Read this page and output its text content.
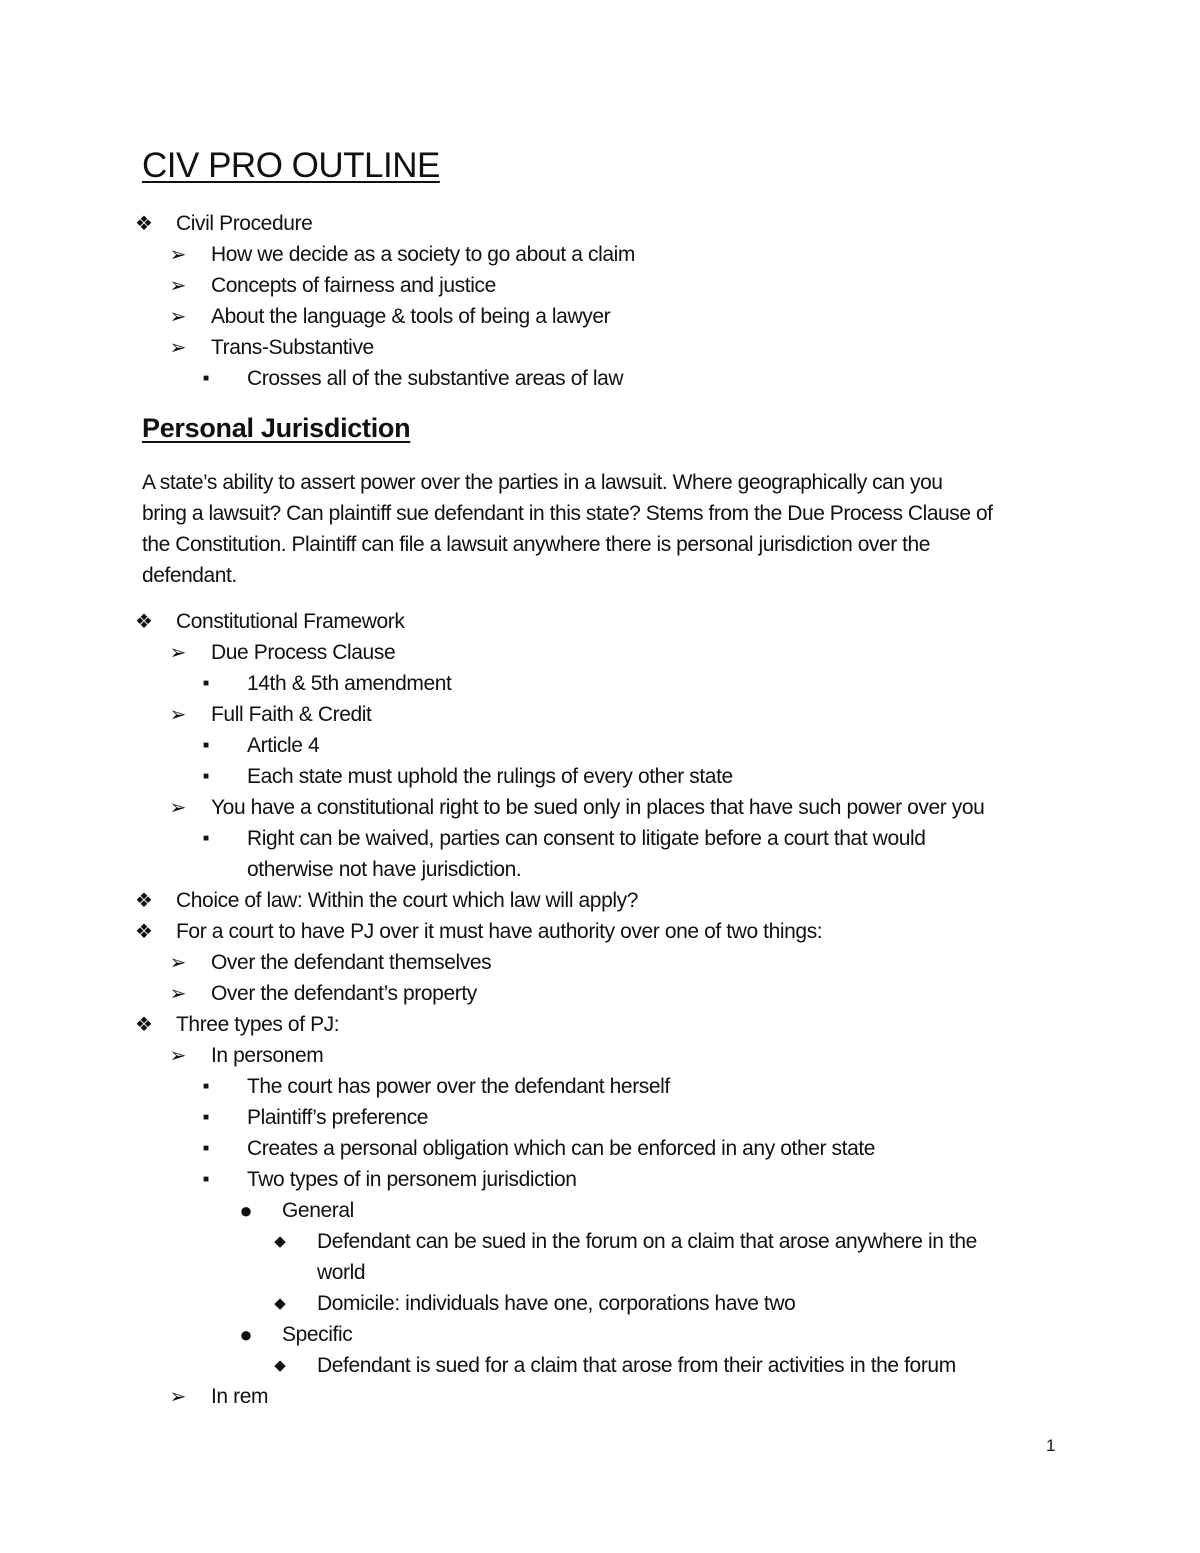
CIV PRO OUTLINE
❖ Civil Procedure
➢ How we decide as a society to go about a claim
➢ Concepts of fairness and justice
➢ About the language & tools of being a lawyer
➢ Trans-Substantive
■	Crosses all of the substantive areas of law
Personal Jurisdiction
A state’s ability to assert power over the parties in a lawsuit. Where geographically can you
bring a lawsuit? Can plaintiff sue defendant in this state? Stems from the Due Process Clause of
the Constitution. Plaintiff can file a lawsuit anywhere there is personal jurisdiction over the
defendant.
❖ Constitutional Framework
➢ Due Process Clause
■	14th & 5th amendment
➢ Full Faith & Credit
■	Article 4
■	Each state must uphold the rulings of every other state
➢ You have a constitutional right to be sued only in places that have such power over you
■	Right can be waived, parties can consent to litigate before a court that would
otherwise not have jurisdiction.
❖ Choice of law: Within the court which law will apply?
❖ For a court to have PJ over it must have authority over one of two things:
➢ Over the defendant themselves
➢ Over the defendant’s property
❖ Three types of PJ:
➢ In personem
■	The court has power over the defendant herself
■	Plaintiff’s preference
■	Creates a personal obligation which can be enforced in any other state
■	Two types of in personem jurisdiction
● General
◆ Defendant can be sued in the forum on a claim that arose anywhere in the
world
◆ Domicile: individuals have one, corporations have two
● Specific
◆ Defendant is sued for a claim that arose from their activities in the forum
➢ In rem
1
